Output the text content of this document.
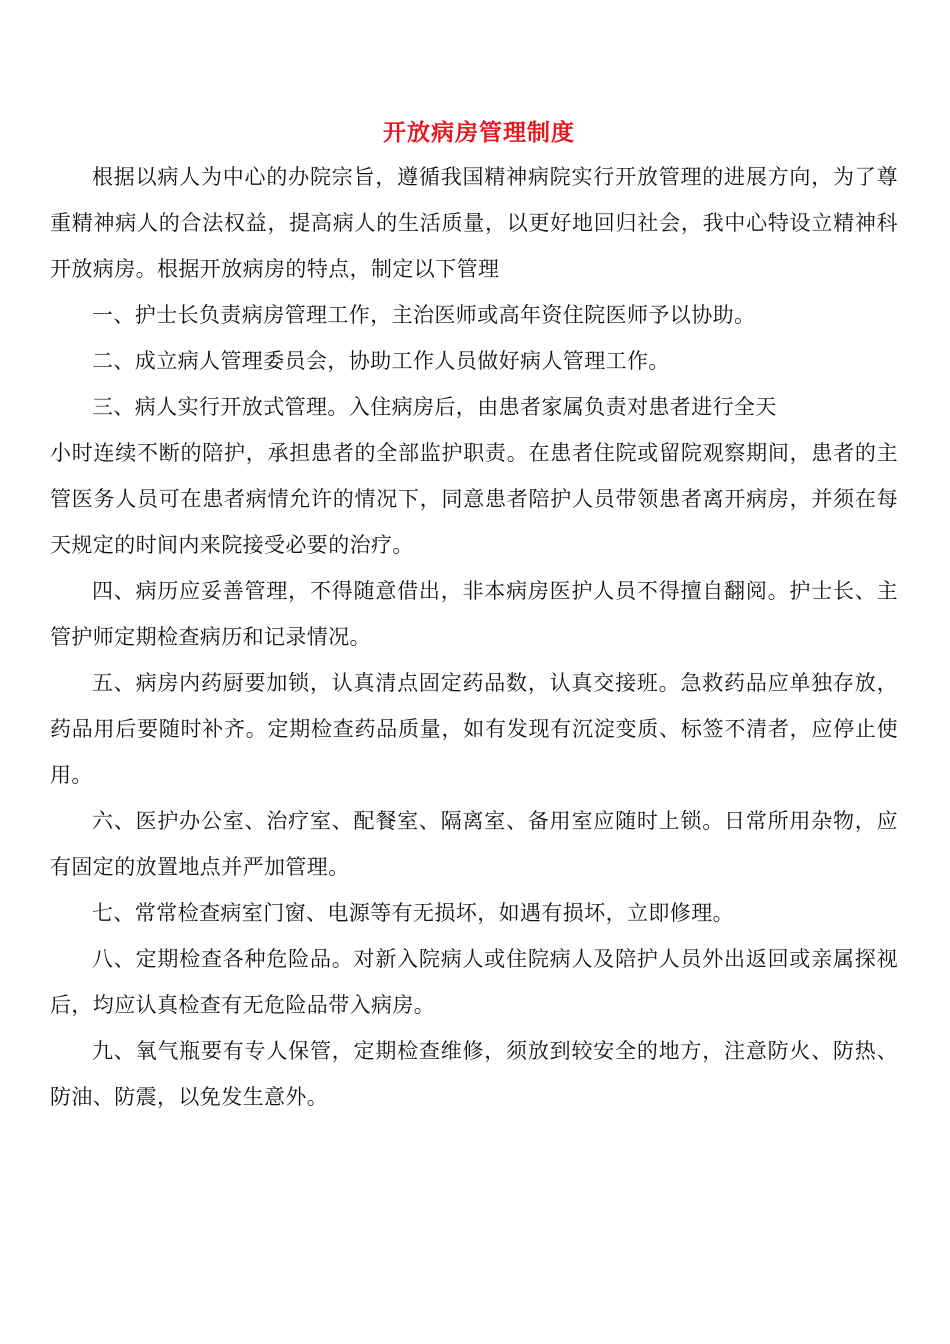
开放病房管理制度

根据以病人为中心的办院宗旨，遵循我国精神病院实行开放管理的进展方向，为了尊重精神病人的合法权益，提高病人的生活质量，以更好地回归社会，我中心特设立精神科开放病房。根据开放病房的特点，制定以下管理

一、护士长负责病房管理工作，主治医师或高年资住院医师予以协助。

二、成立病人管理委员会，协助工作人员做好病人管理工作。

三、病人实行开放式管理。入住病房后，由患者家属负责对患者进行全天

小时连续不断的陪护，承担患者的全部监护职责。在患者住院或留院观察期间，患者的主管医务人员可在患者病情允许的情况下，同意患者陪护人员带领患者离开病房，并须在每天规定的时间内来院接受必要的治疗。

四、病历应妥善管理，不得随意借出，非本病房医护人员不得擅自翻阅。护士长、主管护师定期检查病历和记录情况。

五、病房内药厨要加锁，认真清点固定药品数，认真交接班。急救药品应单独存放，药品用后要随时补齐。定期检查药品质量，如有发现有沉淀变质、标签不清者，应停止使用。

六、医护办公室、治疗室、配餐室、隔离室、备用室应随时上锁。日常所用杂物，应有固定的放置地点并严加管理。

七、常常检查病室门窗、电源等有无损坏，如遇有损坏，立即修理。

八、定期检查各种危险品。对新入院病人或住院病人及陪护人员外出返回或亲属探视后，均应认真检查有无危险品带入病房。

九、氧气瓶要有专人保管，定期检查维修，须放到较安全的地方，注意防火、防热、防油、防震，以免发生意外。
